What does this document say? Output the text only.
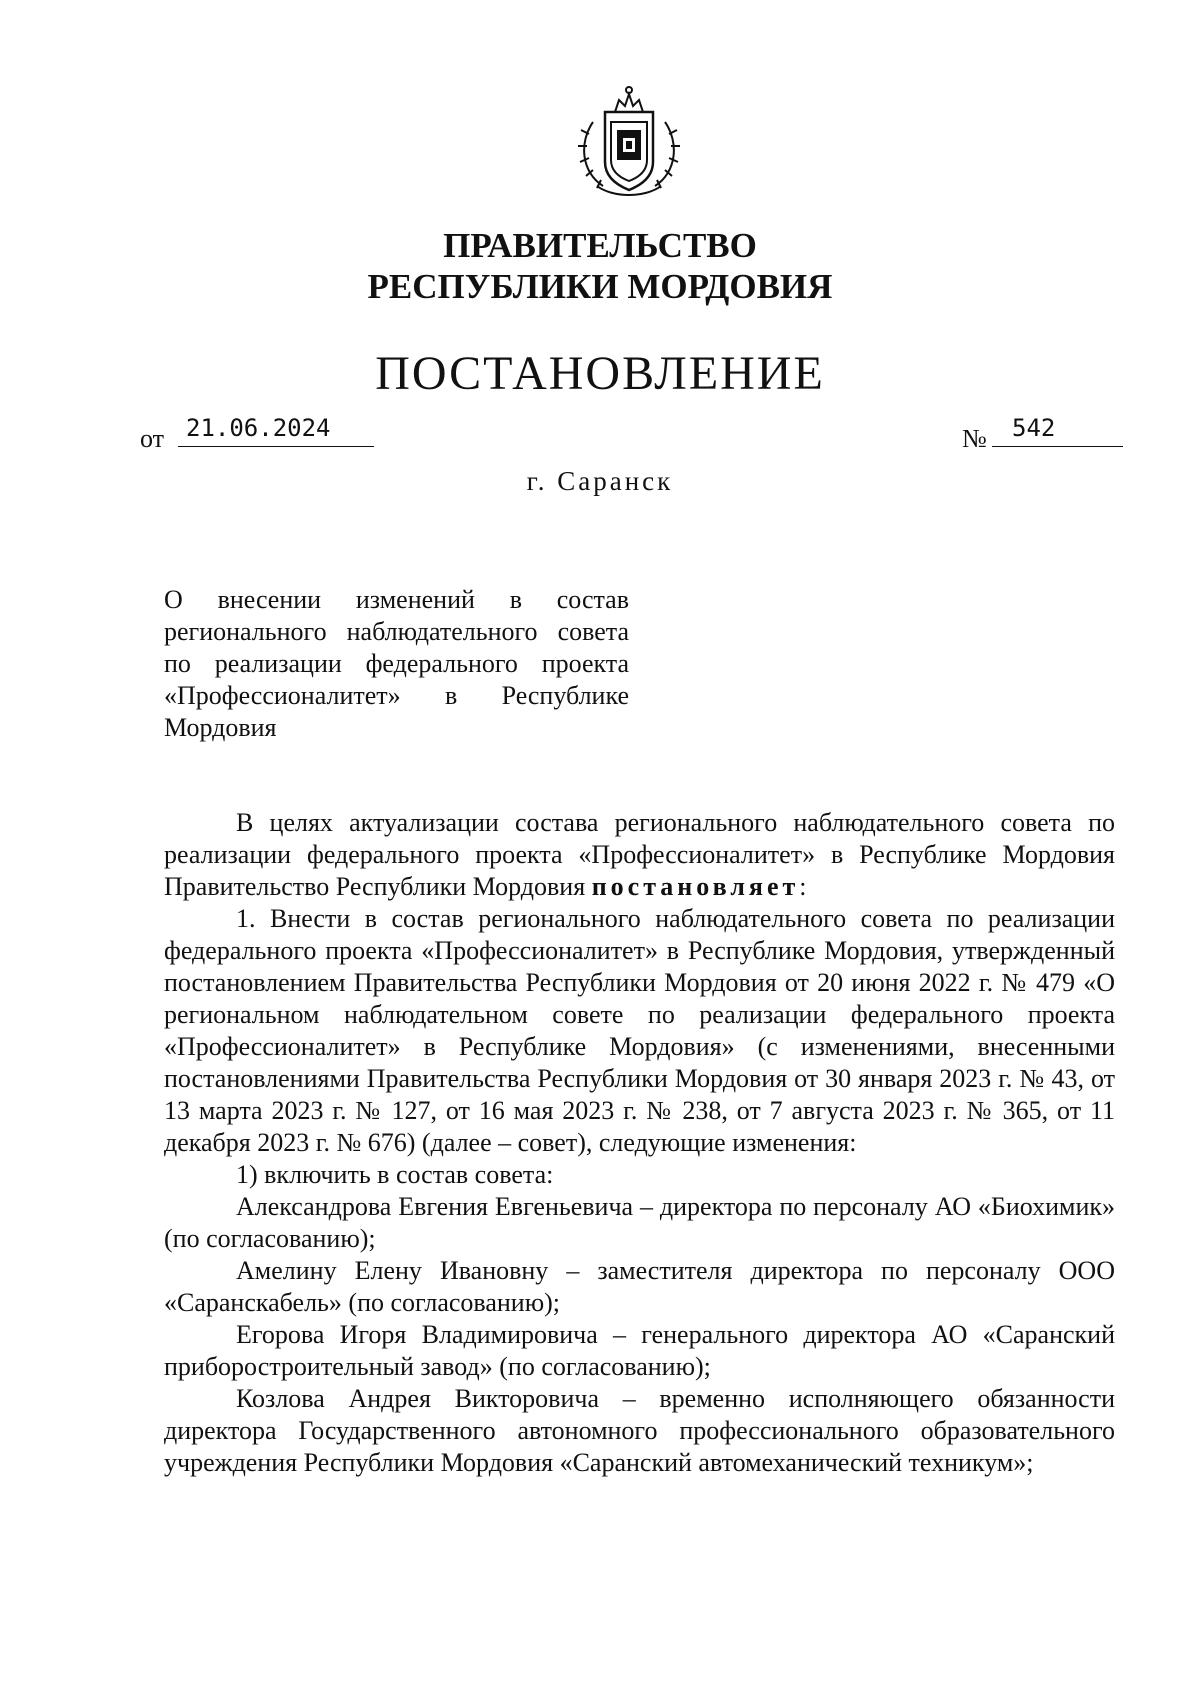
ПРАВИТЕЛЬСТВО
РЕСПУБЛИКИ МОРДОВИЯ
ПОСТАНОВЛЕНИЕ
от 21.06.2024	№ 542
г. Саранск
О внесении изменений в состав регионального наблюдательного совета по реализации федерального проекта «Профессионалитет» в Республике Мордовия

В целях актуализации состава регионального наблюдательного совета по реализации федерального проекта «Профессионалитет» в Республике Мордовия Правительство Республики Мордовия постановляет:

1. Внести в состав регионального наблюдательного совета по реализации федерального проекта «Профессионалитет» в Республике Мордовия, утвержденный постановлением Правительства Республики Мордовия от 20 июня 2022 г. № 479 «О региональном наблюдательном совете по реализации федерального проекта «Профессионалитет» в Республике Мордовия» (с изменениями, внесенными постановлениями Правительства Республики Мордовия от 30 января 2023 г. № 43, от 13 марта 2023 г. № 127, от 16 мая 2023 г. № 238, от 7 августа 2023 г. № 365, от 11 декабря 2023 г. № 676) (далее – совет), следующие изменения:

1) включить в состав совета:

Александрова Евгения Евгеньевича – директора по персоналу АО «Биохимик» (по согласованию);

Амелину Елену Ивановну – заместителя директора по персоналу ООО «Саранскабель» (по согласованию);

Егорова Игоря Владимировича – генерального директора АО «Саранский приборостроительный завод» (по согласованию);

Козлова Андрея Викторовича – временно исполняющего обязанности директора Государственного автономного профессионального образовательного учреждения Республики Мордовия «Саранский автомеханический техникум»;
